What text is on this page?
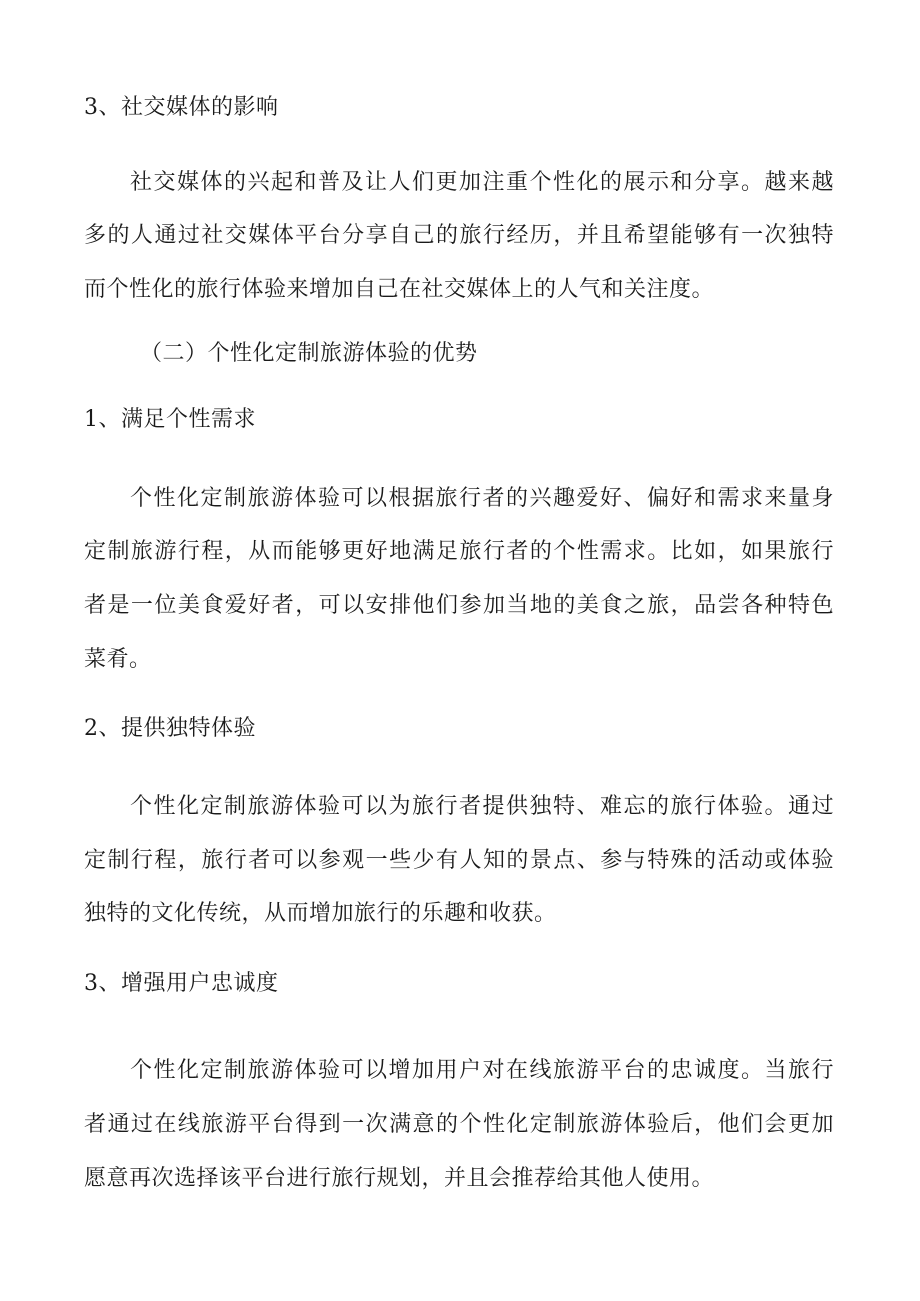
3、社交媒体的影响
社交媒体的兴起和普及让人们更加注重个性化的展示和分享。越来越
多的人通过社交媒体平台分享自己的旅行经历，并且希望能够有一次独特
而个性化的旅行体验来增加自己在社交媒体上的人气和关注度。
（二）个性化定制旅游体验的优势
1、满足个性需求
个性化定制旅游体验可以根据旅行者的兴趣爱好、偏好和需求来量身
定制旅游行程，从而能够更好地满足旅行者的个性需求。比如，如果旅行
者是一位美食爱好者，可以安排他们参加当地的美食之旅，品尝各种特色
菜肴。
2、提供独特体验
个性化定制旅游体验可以为旅行者提供独特、难忘的旅行体验。通过
定制行程，旅行者可以参观一些少有人知的景点、参与特殊的活动或体验
独特的文化传统，从而增加旅行的乐趣和收获。
3、增强用户忠诚度
个性化定制旅游体验可以增加用户对在线旅游平台的忠诚度。当旅行
者通过在线旅游平台得到一次满意的个性化定制旅游体验后，他们会更加
愿意再次选择该平台进行旅行规划，并且会推荐给其他人使用。
